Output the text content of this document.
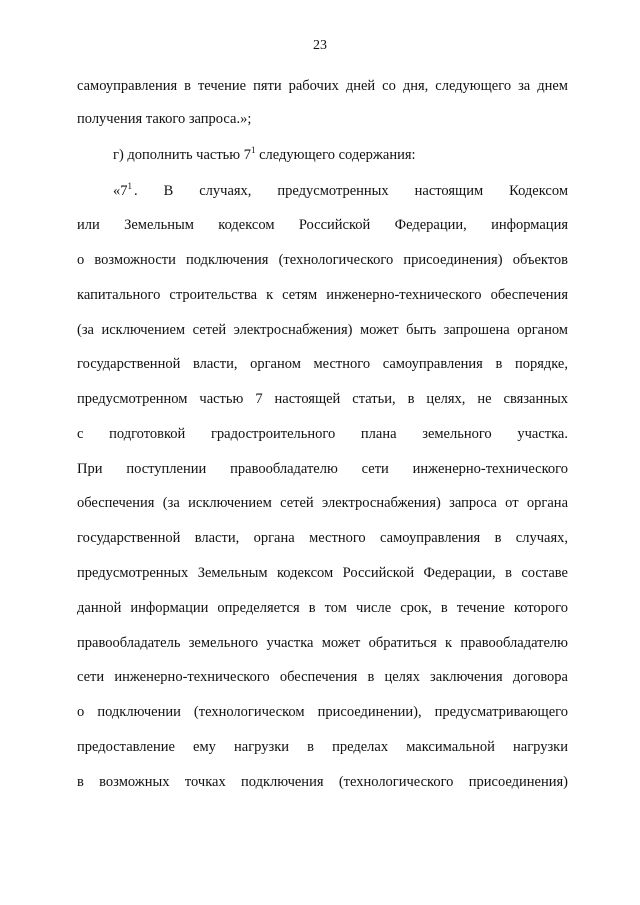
23
самоуправления в течение пяти рабочих дней со дня, следующего за днем
получения такого запроса.»;
г) дополнить частью $7^1$ следующего содержания:
«$7^1$ . В случаях, предусмотренных настоящим Кодексом
или Земельным кодексом Российской Федерации, информация
о возможности подключения (технологического присоединения) объектов
капитального строительства к сетям инженерно-технического обеспечения
(за исключением сетей электроснабжения) может быть запрошена органом
государственной власти, органом местного самоуправления в порядке,
предусмотренном частью 7 настоящей статьи, в целях, не связанных
с подготовкой градостроительного плана земельного участка.
При поступлении правообладателю сети инженерно-технического
обеспечения (за исключением сетей электроснабжения) запроса от органа
государственной власти, органа местного самоуправления в случаях,
предусмотренных Земельным кодексом Российской Федерации, в составе
данной информации определяется в том числе срок, в течение которого
правообладатель земельного участка может обратиться к правообладателю
сети инженерно-технического обеспечения в целях заключения договора
о подключении (технологическом присоединении), предусматривающего
предоставление ему нагрузки в пределах максимальной нагрузки
в возможных точках подключения (технологического присоединения)
